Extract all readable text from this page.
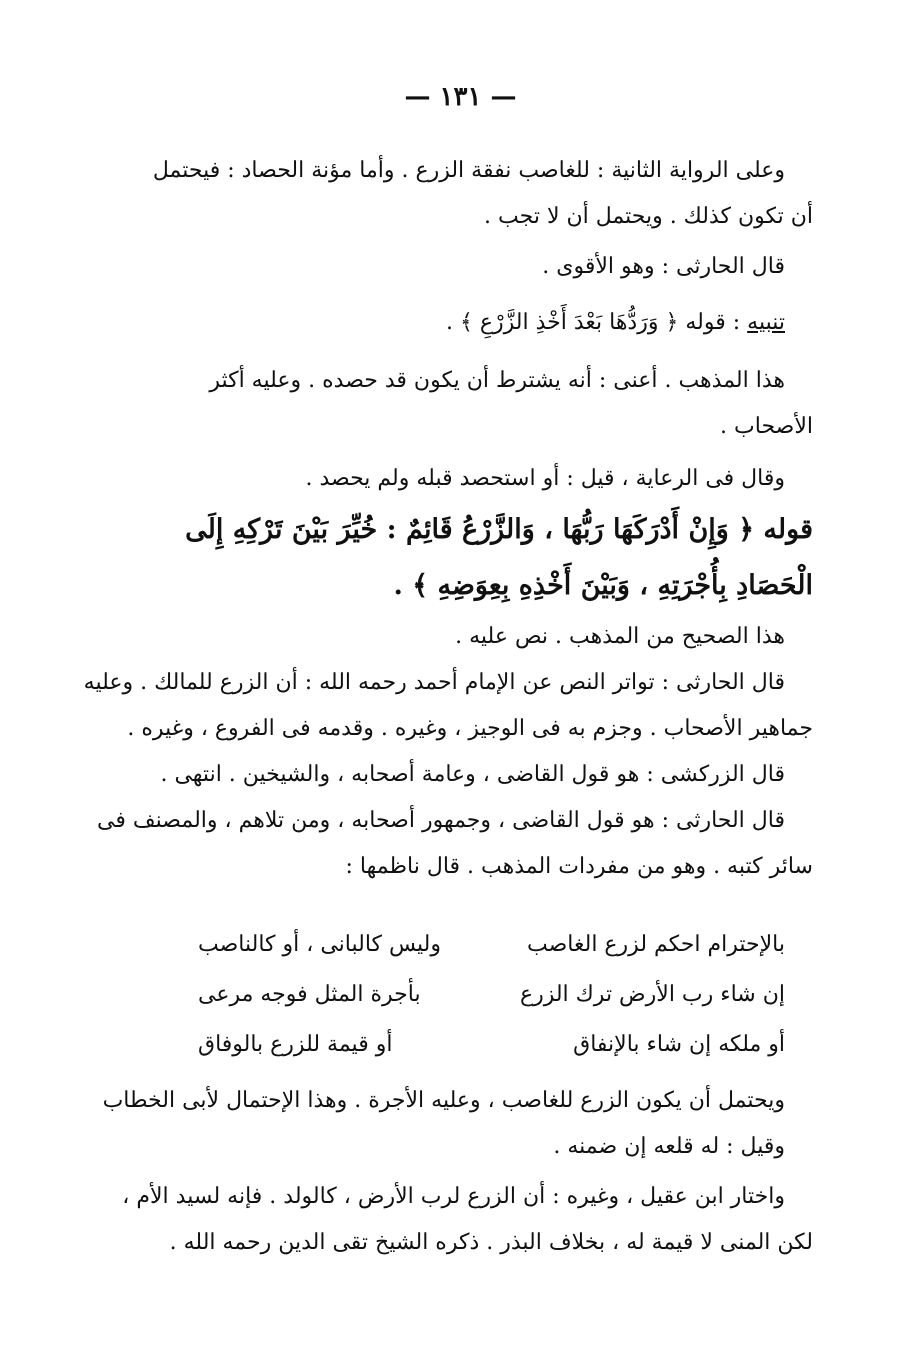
— ١٣١ —
وعلى الرواية الثانية : للغاصب نفقة الزرع . وأما مؤنة الحصاد : فيحتمل
أن تكون كذلك . ويحتمل أن لا تجب .
قال الحارثى : وهو الأقوى .
تنبيه : قوله ﴿ وَرَدُّهَا بَعْدَ أَخْذِ الزَّرْعِ ﴾ .
هذا المذهب . أعنى : أنه يشترط أن يكون قد حصده . وعليه أكثر
الأصحاب .
وقال فى الرعاية ، قيل : أو استحصد قبله ولم يحصد .
قوله ﴿ وَإِنْ أَدْرَكَهَا رَبُّهَا ، وَالزَّرْعُ قَائِمٌ : خُيِّرَ بَيْنَ تَرْكِهِ إِلَى
الْحَصَادِ بِأُجْرَتِهِ ، وَبَيْنَ أَخْذِهِ بِعِوَضِهِ ﴾ .
هذا الصحيح من المذهب . نص عليه .
قال الحارثى : تواتر النص عن الإمام أحمد رحمه الله : أن الزرع للمالك . وعليه
جماهير الأصحاب . وجزم به فى الوجيز ، وغيره . وقدمه فى الفروع ، وغيره .
قال الزركشى : هو قول القاضى ، وعامة أصحابه ، والشيخين . انتهى .
قال الحارثى : هو قول القاضى ، وجمهور أصحابه ، ومن تلاهم ، والمصنف فى
سائر كتبه . وهو من مفردات المذهب . قال ناظمها :
بالإحترام احكم لزرع الغاصب
وليس كالبانى ، أو كالناصب
إن شاء رب الأرض ترك الزرع
بأجرة المثل فوجه مرعى
أو ملكه إن شاء بالإنفاق
أو قيمة للزرع بالوفاق
ويحتمل أن يكون الزرع للغاصب ، وعليه الأجرة . وهذا الإحتمال لأبى الخطاب
وقيل : له قلعه إن ضمنه .
واختار ابن عقيل ، وغيره : أن الزرع لرب الأرض ، كالولد . فإنه لسيد الأم ،
لكن المنى لا قيمة له ، بخلاف البذر . ذكره الشيخ تقى الدين رحمه الله .
